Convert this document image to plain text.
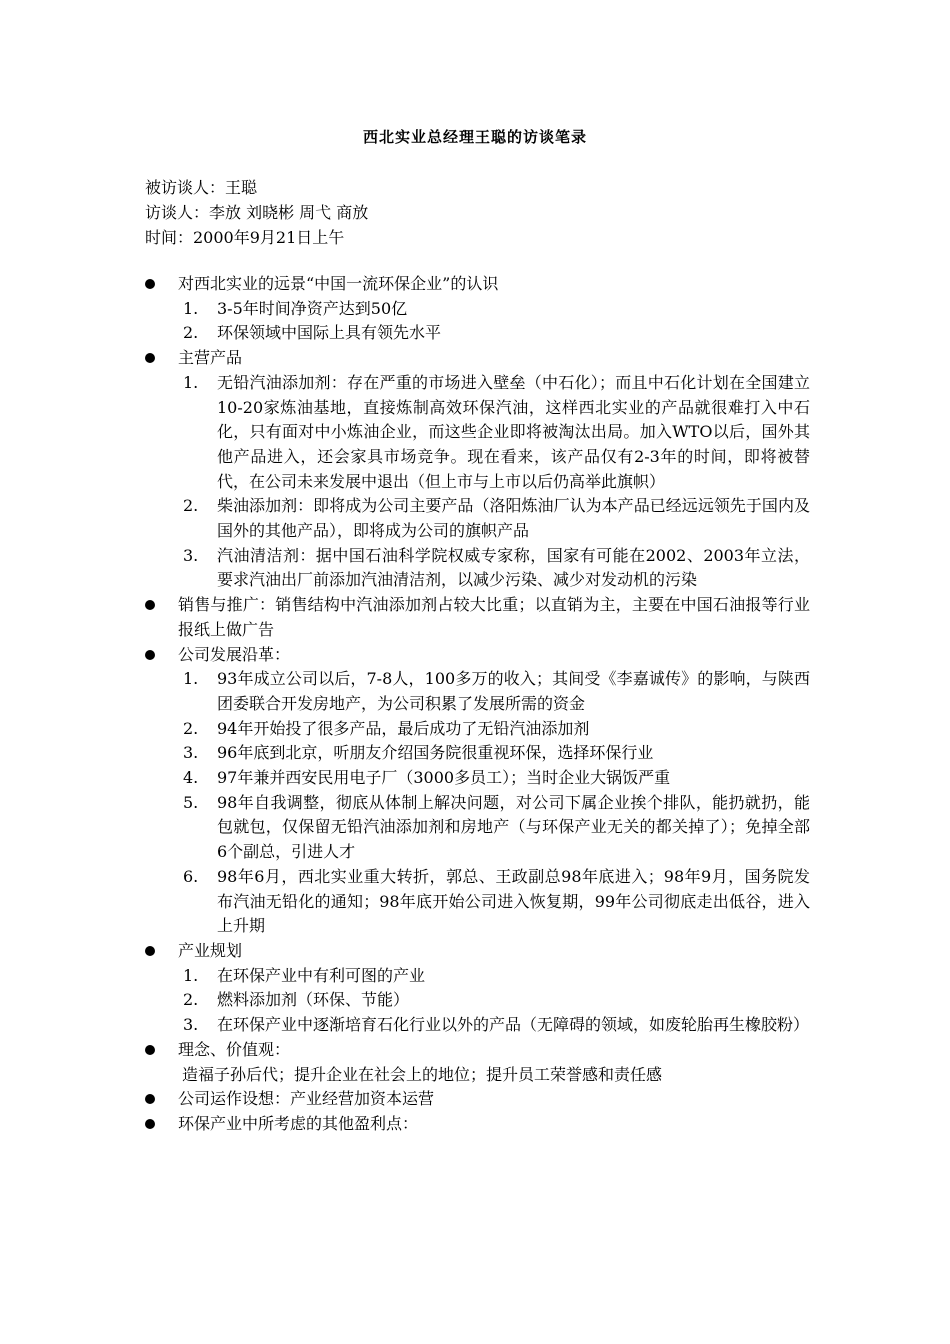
西北实业总经理王聪的访谈笔录
被访谈人：王聪
访谈人：李放 刘晓彬 周弋 商放
时间：2000年9月21日上午
对西北实业的远景“中国一流环保企业”的认识
1. 3-5年时间净资产达到50亿
2. 环保领域中国际上具有领先水平
主营产品
1. 无铅汽油添加剂：存在严重的市场进入壁垒（中石化）；而且中石化计划在全国建立10-20家炼油基地，直接炼制高效环保汽油，这样西北实业的产品就很难打入中石化，只有面对中小炼油企业，而这些企业即将被淘汰出局。加入WTO以后，国外其他产品进入，还会家具市场竞争。现在看来，该产品仅有2-3年的时间，即将被替代，在公司未来发展中退出（但上市与上市以后仍高举此旗帜）
2. 柴油添加剂：即将成为公司主要产品（洛阳炼油厂认为本产品已经远远领先于国内及国外的其他产品），即将成为公司的旗帜产品
3. 汽油清洁剂：据中国石油科学院权威专家称，国家有可能在2002、2003年立法，要求汽油出厂前添加汽油清洁剂，以减少污染、减少对发动机的污染
销售与推广：销售结构中汽油添加剂占较大比重；以直销为主，主要在中国石油报等行业报纸上做广告
公司发展沿革：
1. 93年成立公司以后，7-8人，100多万的收入；其间受《李嘉诚传》的影响，与陕西团委联合开发房地产，为公司积累了发展所需的资金
2. 94年开始投了很多产品，最后成功了无铅汽油添加剂
3. 96年底到北京，听朋友介绍国务院很重视环保，选择环保行业
4. 97年兼并西安民用电子厂（3000多员工）；当时企业大锅饭严重
5. 98年自我调整，彻底从体制上解决问题，对公司下属企业挨个排队，能扔就扔，能包就包，仅保留无铅汽油添加剂和房地产（与环保产业无关的都关掉了）；免掉全部6个副总，引进人才
6. 98年6月，西北实业重大转折，郭总、王政副总98年底进入；98年9月，国务院发布汽油无铅化的通知；98年底开始公司进入恢复期，99年公司彻底走出低谷，进入上升期
产业规划
1. 在环保产业中有利可图的产业
2. 燃料添加剂（环保、节能）
3. 在环保产业中逐渐培育石化行业以外的产品（无障碍的领域，如废轮胎再生橡胶粉）
理念、价值观：
造福子孙后代；提升企业在社会上的地位；提升员工荣誉感和责任感
公司运作设想：产业经营加资本运营
环保产业中所考虑的其他盈利点：
